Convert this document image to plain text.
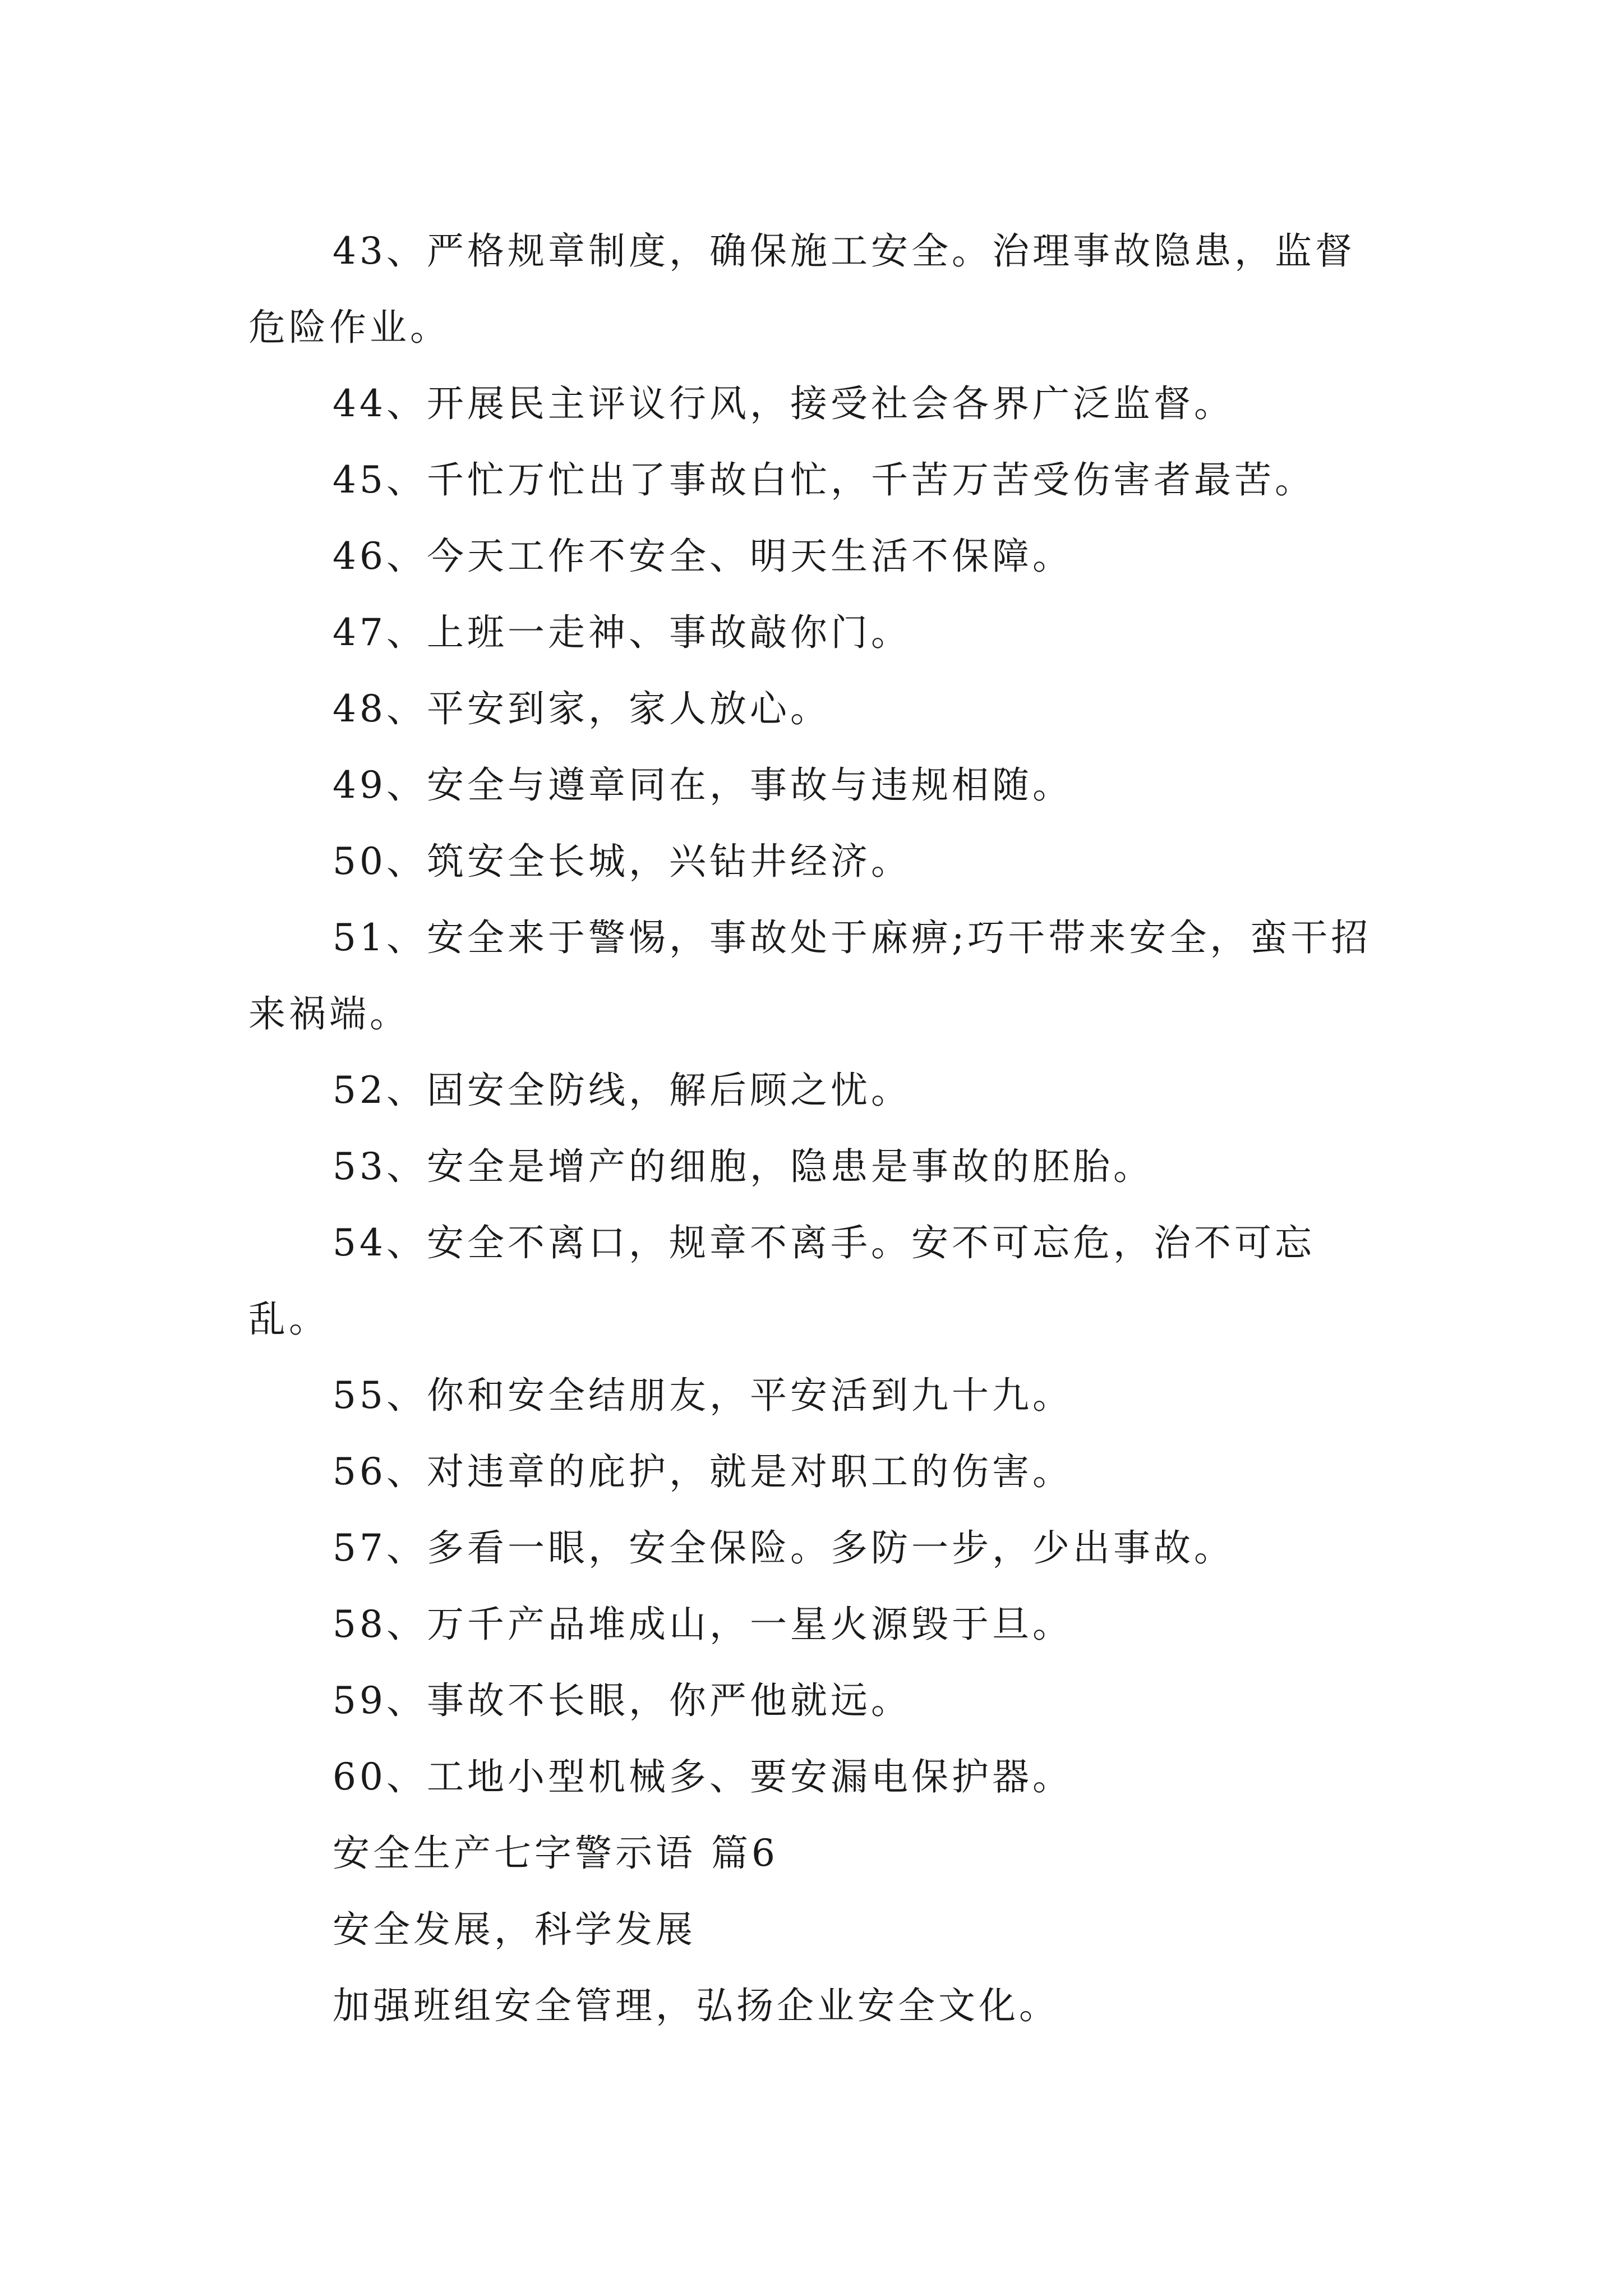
43、严格规章制度，确保施工安全。治理事故隐患，监督危险作业。

44、开展民主评议行风，接受社会各界广泛监督。

45、千忙万忙出了事故白忙，千苦万苦受伤害者最苦。

46、今天工作不安全、明天生活不保障。

47、上班一走神、事故敲你门。

48、平安到家，家人放心。

49、安全与遵章同在，事故与违规相随。

50、筑安全长城，兴钻井经济。

51、安全来于警惕，事故处于麻痹;巧干带来安全，蛮干招来祸端。

52、固安全防线，解后顾之忧。

53、安全是增产的细胞，隐患是事故的胚胎。

54、安全不离口，规章不离手。安不可忘危，治不可忘乱。

55、你和安全结朋友，平安活到九十九。

56、对违章的庇护，就是对职工的伤害。

57、多看一眼，安全保险。多防一步，少出事故。

58、万千产品堆成山，一星火源毁于旦。

59、事故不长眼，你严他就远。

60、工地小型机械多、要安漏电保护器。

安全生产七字警示语 篇6

安全发展，科学发展

加强班组安全管理，弘扬企业安全文化。
